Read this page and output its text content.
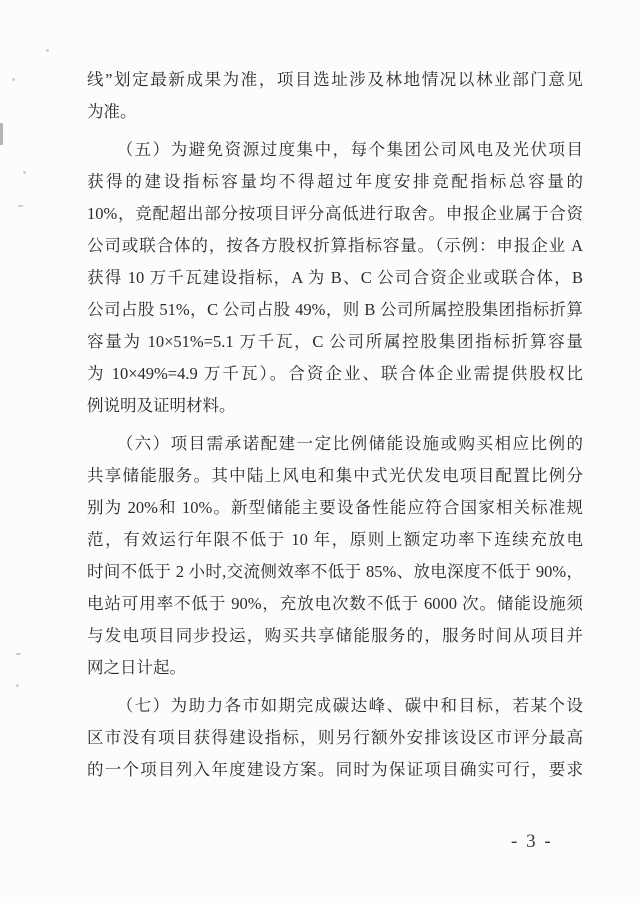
线”划定最新成果为准，项目选址涉及林地情况以林业部门意见
为准。
（五）为避免资源过度集中，每个集团公司风电及光伏项目
获得的建设指标容量均不得超过年度安排竞配指标总容量的
10%，竞配超出部分按项目评分高低进行取舍。申报企业属于合资
公司或联合体的，按各方股权折算指标容量。（示例：申报企业 A
获得 10 万千瓦建设指标，A 为 B、C 公司合资企业或联合体，B
公司占股 51%，C 公司占股 49%，则 B 公司所属控股集团指标折算
容量为 10×51%=5.1 万千瓦，C 公司所属控股集团指标折算容量
为 10×49%=4.9 万千瓦）。合资企业、联合体企业需提供股权比
例说明及证明材料。
（六）项目需承诺配建一定比例储能设施或购买相应比例的
共享储能服务。其中陆上风电和集中式光伏发电项目配置比例分
别为 20%和 10%。新型储能主要设备性能应符合国家相关标准规
范，有效运行年限不低于 10 年，原则上额定功率下连续充放电
时间不低于 2 小时,交流侧效率不低于 85%、放电深度不低于 90%，
电站可用率不低于 90%，充放电次数不低于 6000 次。储能设施须
与发电项目同步投运，购买共享储能服务的，服务时间从项目并
网之日计起。
（七）为助力各市如期完成碳达峰、碳中和目标，若某个设
区市没有项目获得建设指标，则另行额外安排该设区市评分最高
的一个项目列入年度建设方案。同时为保证项目确实可行，要求
- 3 -
